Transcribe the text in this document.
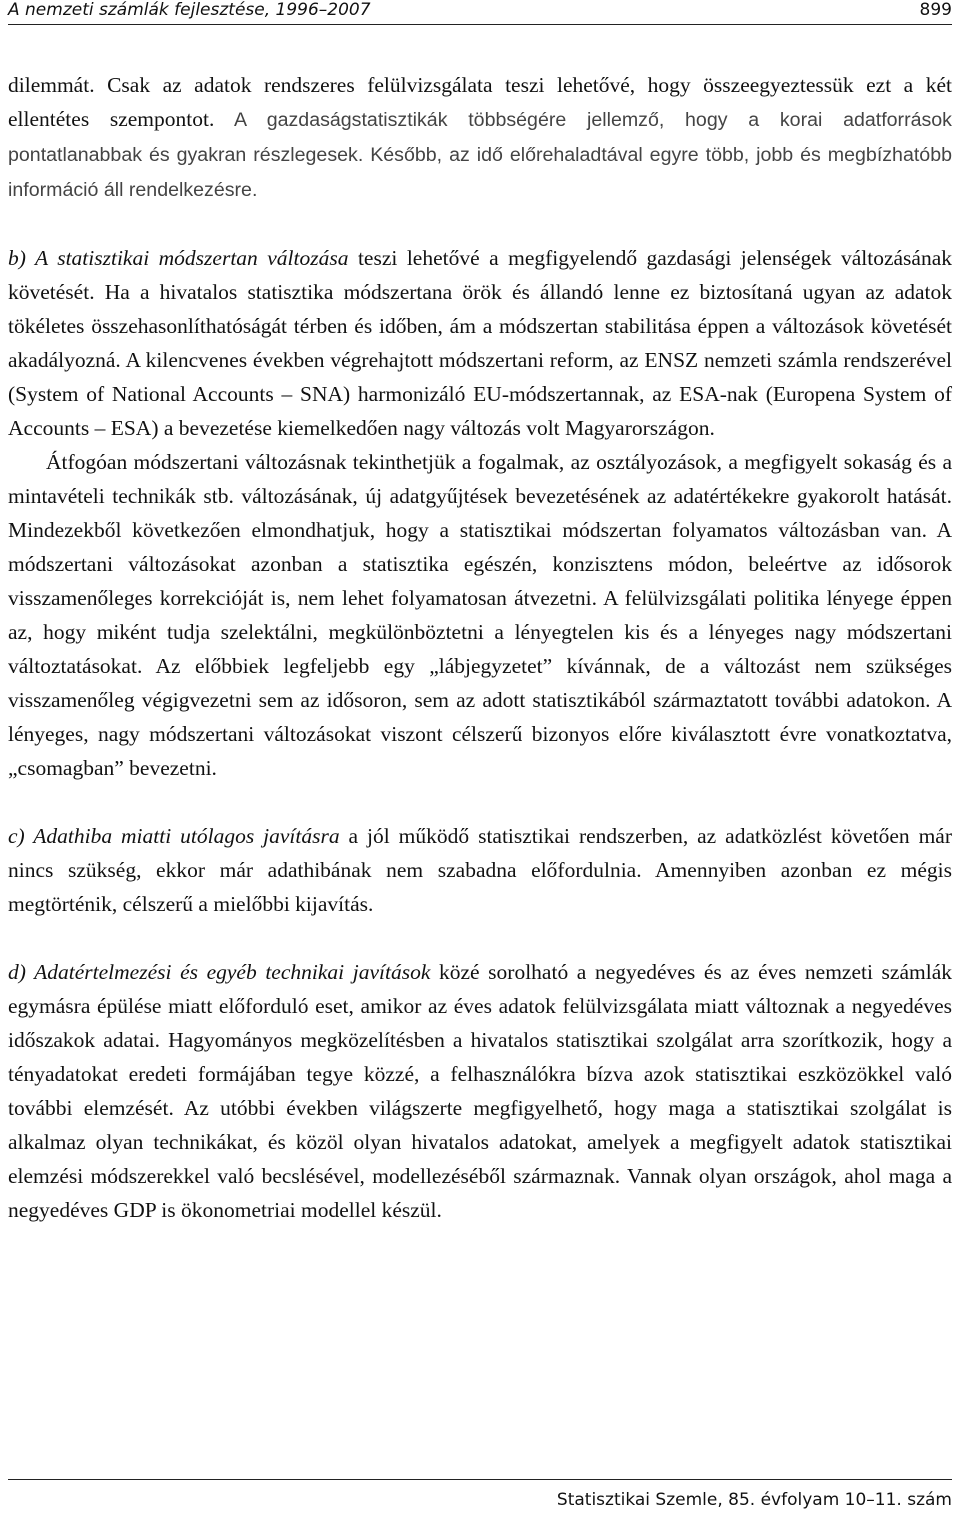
A nemzeti számlák fejlesztése, 1996–2007	899

dilemmát. Csak az adatok rendszeres felülvizsgálata teszi lehetővé, hogy összeegyeztessük ezt a két ellentétes szempontot. A gazdaságstatisztikák többségére jellemző, hogy a korai adatforrások pontatlanabbak és gyakran részlegesek. Később, az idő előrehaladtával egyre több, jobb és megbízhatóbb információ áll rendelkezésre.

b) A statisztikai módszertan változása teszi lehetővé a megfigyelendő gazdasági jelenségek változásának követését. Ha a hivatalos statisztika módszertana örök és állandó lenne ez biztosítaná ugyan az adatok tökéletes összehasonlíthatóságát térben és időben, ám a módszertan stabilitása éppen a változások követését akadályozná. A kilencvenes években végrehajtott módszertani reform, az ENSZ nemzeti számla rendszerével (System of National Accounts – SNA) harmonizáló EU-módszertannak, az ESA-nak (Europena System of Accounts – ESA) a bevezetése kiemelkedően nagy változás volt Magyarországon.

Átfogóan módszertani változásnak tekinthetjük a fogalmak, az osztályozások, a megfigyelt sokaság és a mintavételi technikák stb. változásának, új adatgyűjtések bevezetésének az adatértékekre gyakorolt hatását. Mindezekből következően elmondhatjuk, hogy a statisztikai módszertan folyamatos változásban van. A módszertani változásokat azonban a statisztika egészén, konzisztens módon, beleértve az idősorok visszamenőleges korrekcióját is, nem lehet folyamatosan átvezetni. A felülvizsgálati politika lényege éppen az, hogy miként tudja szelektálni, megkülönböztetni a lényegtelen kis és a lényeges nagy módszertani változtatásokat. Az előbbiek legfeljebb egy „lábjegyzetet” kívánnak, de a változást nem szükséges visszamenőleg végigvezetni sem az idősoron, sem az adott statisztikából származtatott további adatokon. A lényeges, nagy módszertani változásokat viszont célszerű bizonyos előre kiválasztott évre vonatkoztatva, „csomagban” bevezetni.

c) Adathiba miatti utólagos javításra a jól működő statisztikai rendszerben, az adatközlést követően már nincs szükség, ekkor már adathibának nem szabadna előfordulnia. Amennyiben azonban ez mégis megtörténik, célszerű a mielőbbi kijavítás.

d) Adatértelmezési és egyéb technikai javítások közé sorolható a negyedéves és az éves nemzeti számlák egymásra épülése miatt előforduló eset, amikor az éves adatok felülvizsgálata miatt változnak a negyedéves időszakok adatai. Hagyományos megközelítésben a hivatalos statisztikai szolgálat arra szorítkozik, hogy a tényadatokat eredeti formájában tegye közzé, a felhasználókra bízva azok statisztikai eszközökkel való további elemzését. Az utóbbi években világszerte megfigyelhető, hogy maga a statisztikai szolgálat is alkalmaz olyan technikákat, és közöl olyan hivatalos adatokat, amelyek a megfigyelt adatok statisztikai elemzési módszerekkel való becslésével, modellezéséből származnak. Vannak olyan országok, ahol maga a negyedéves GDP is ökonometriai modellel készül.

Statisztikai Szemle, 85. évfolyam 10–11. szám
